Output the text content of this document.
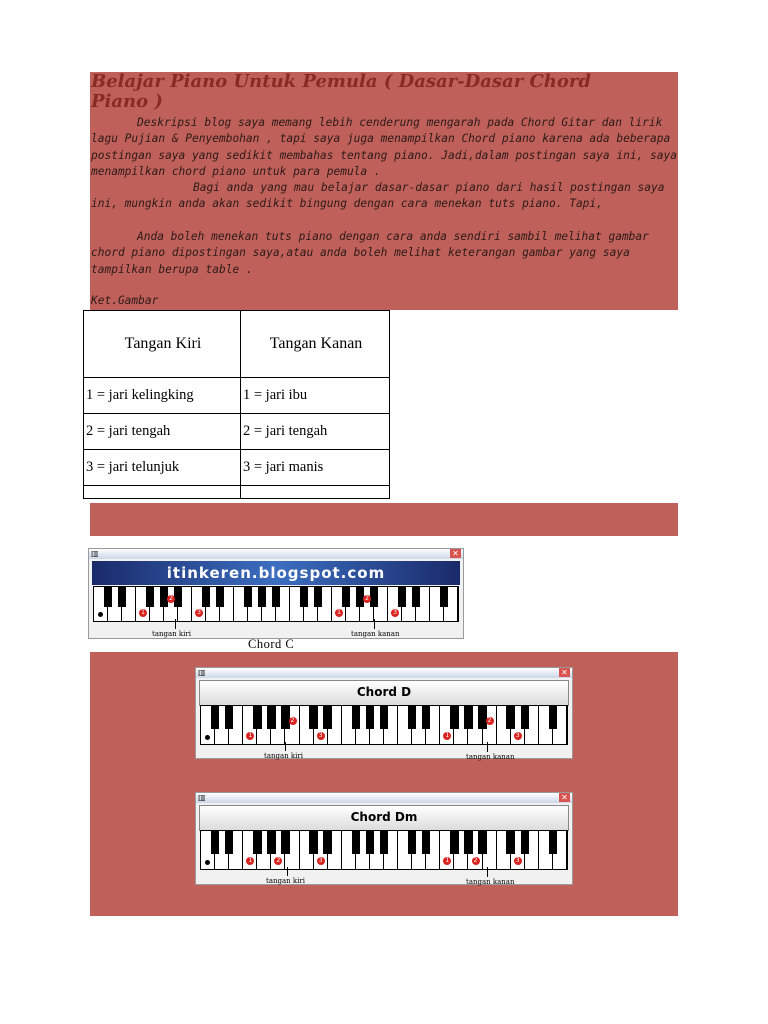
Belajar Piano Untuk Pemula ( Dasar-Dasar Chord Piano )

Deskripsi blog saya memang lebih cenderung mengarah pada Chord Gitar dan lirik lagu Pujian & Penyembohan , tapi saya juga menampilkan Chord piano karena ada beberapa postingan saya yang sedikit membahas tentang piano. Jadi,dalam postingan saya ini, saya menampilkan chord piano untuk para pemula .

Bagi anda yang mau belajar dasar-dasar piano dari hasil postingan saya ini, mungkin anda akan sedikit bingung dengan cara menekan tuts piano. Tapi,

Anda boleh menekan tuts piano dengan cara anda sendiri sambil melihat gambar chord piano dipostingan saya,atau anda boleh melihat keterangan gambar yang saya tampilkan berupa table .

Ket.Gambar
Tangan Kiri	Tangan Kanan
1 = jari kelingking	1 = jari ibu
2 = jari tengah	2 = jari tengah
3 = jari telunjuk	3 = jari manis

▥	✕
itinkeren.blogspot.com
1
2
3	1
2
3
tangan kiri	tangan kanan
Chord C
▥	✕
Chord D
1
2
3	1
2
3
tangan kiri	tangan kanan
▥	✕
Chord Dm
1	2	3	1	2	3
tangan kiri	tangan kanan
